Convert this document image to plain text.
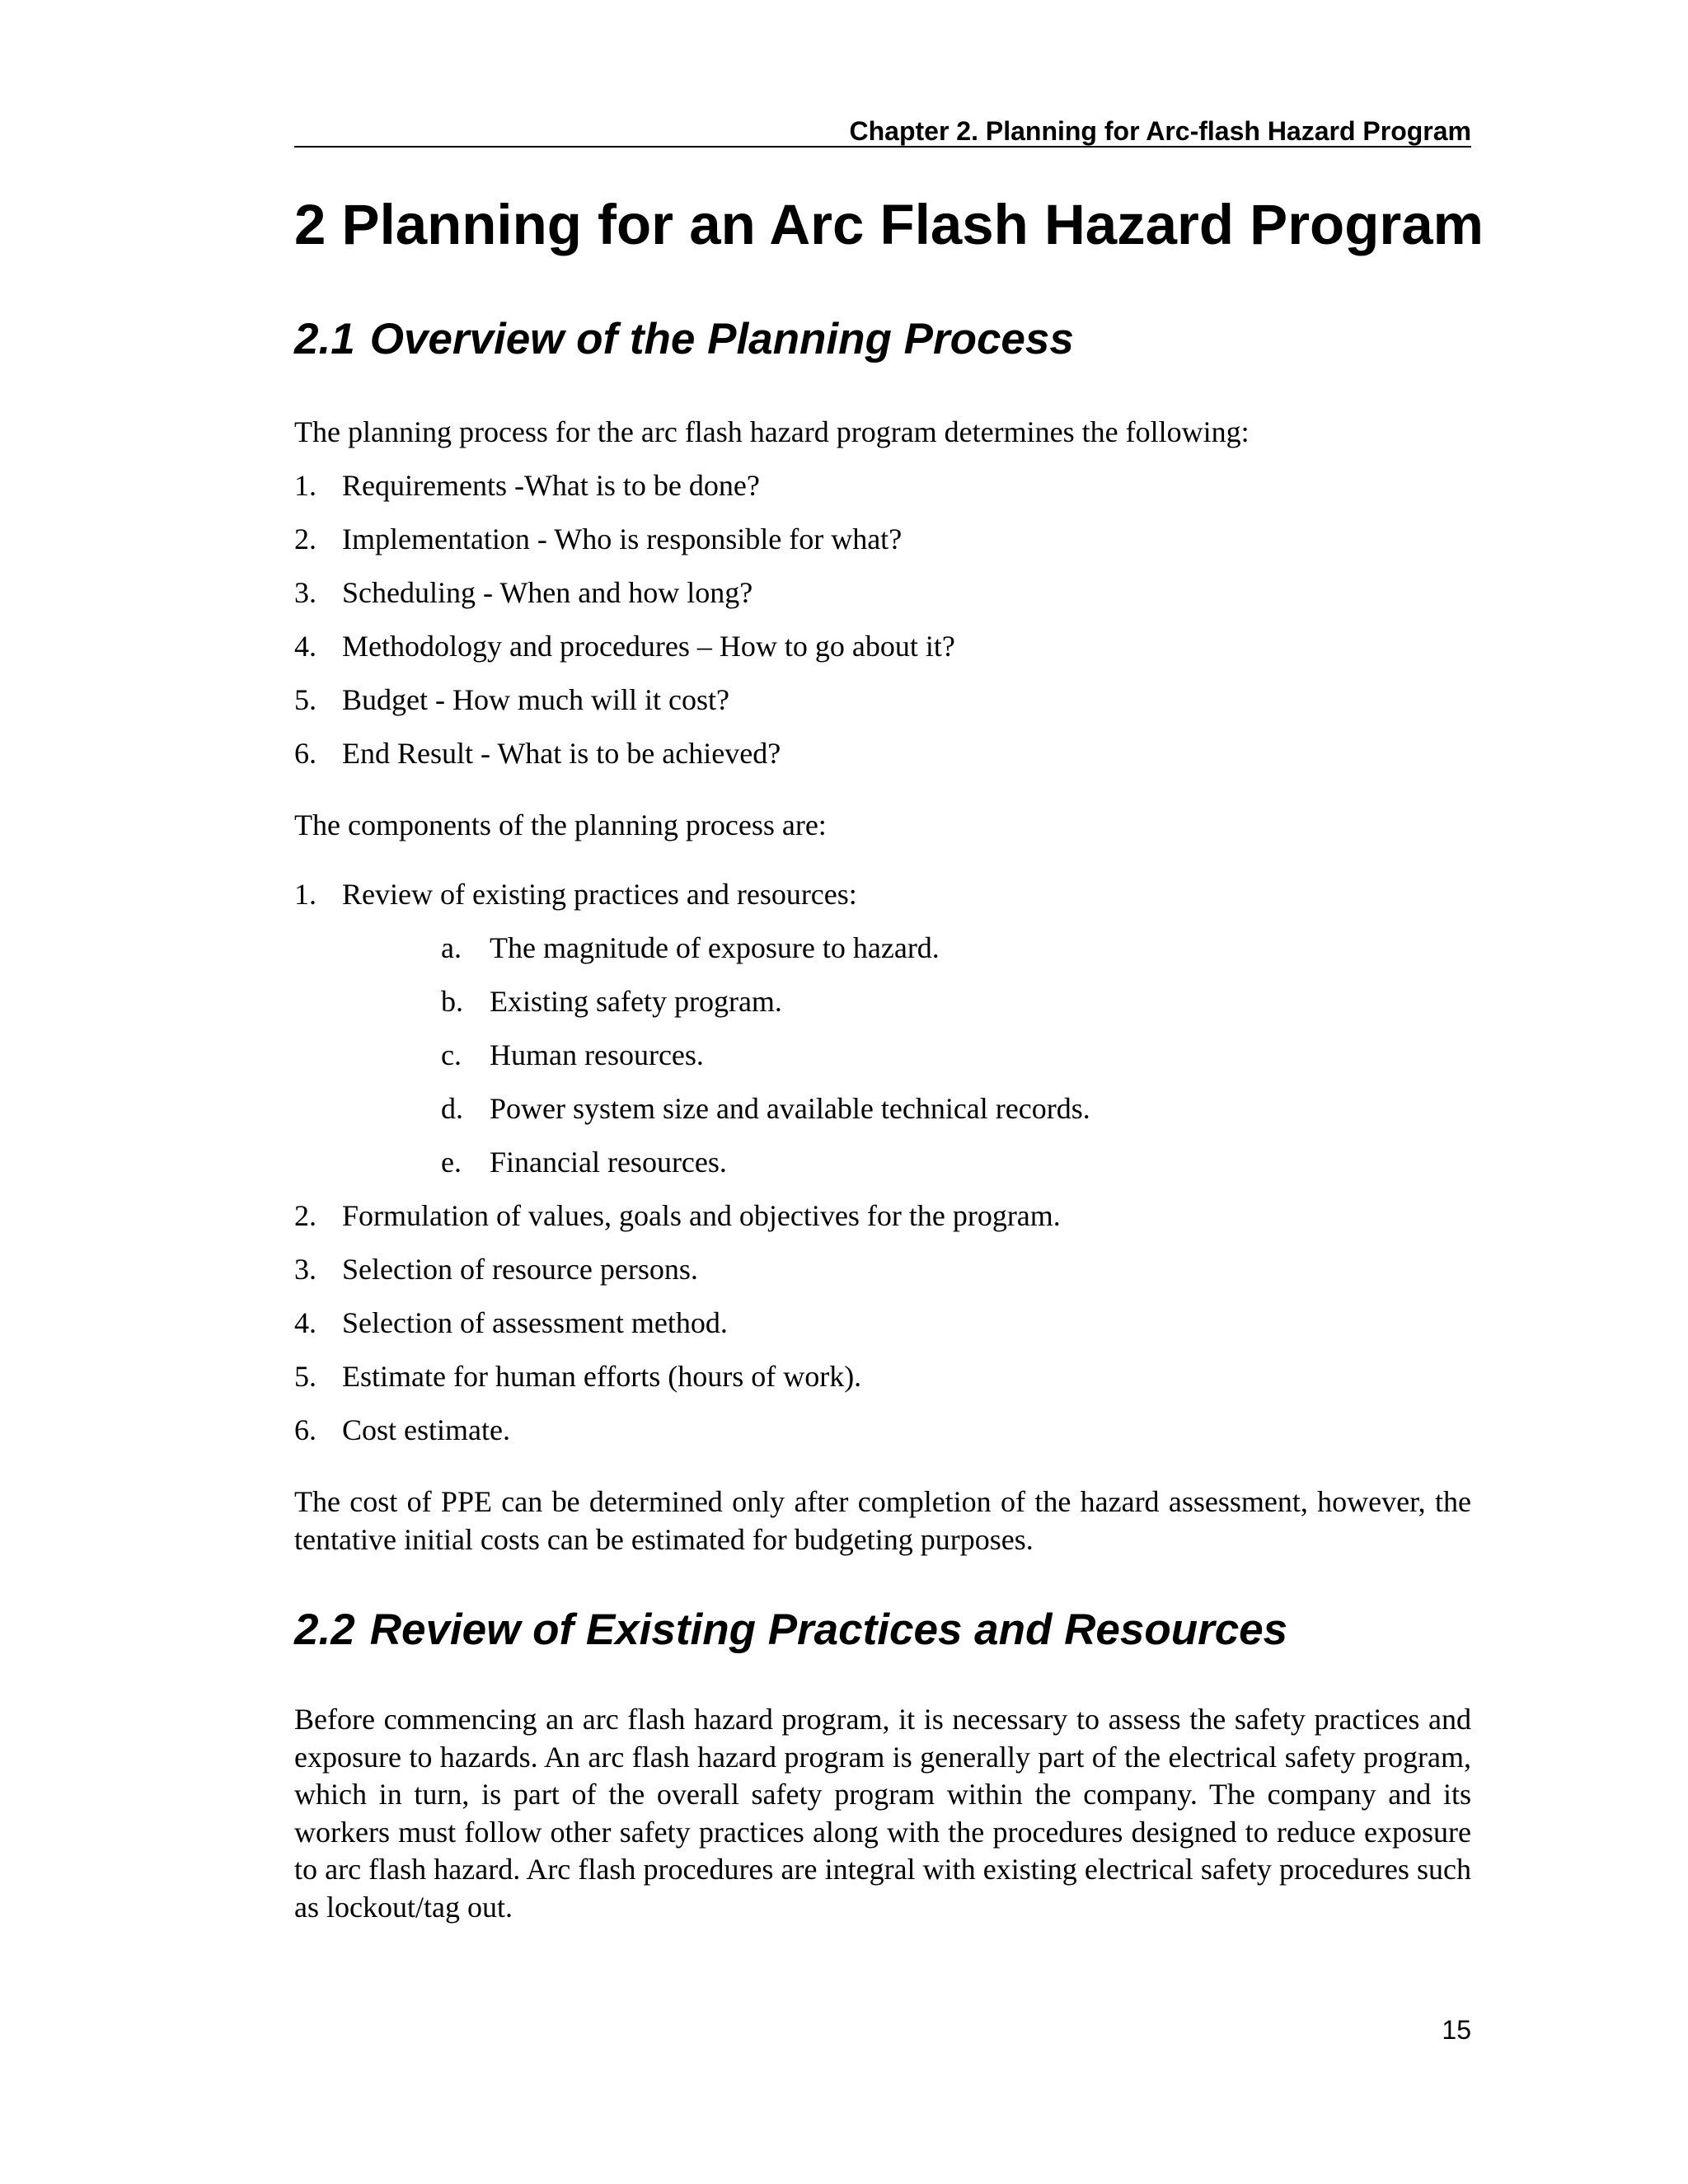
Chapter 2. Planning for Arc-flash Hazard Program
2 Planning for an Arc Flash Hazard Program
2.1 Overview of the Planning Process

The planning process for the arc flash hazard program determines the following:

1. Requirements -What is to be done?
2. Implementation - Who is responsible for what?
3. Scheduling - When and how long?
4. Methodology and procedures – How to go about it?
5. Budget - How much will it cost?
6. End Result - What is to be achieved?

The components of the planning process are:

1. Review of existing practices and resources:
a. The magnitude of exposure to hazard.
b. Existing safety program.
c. Human resources.
d. Power system size and available technical records.
e. Financial resources.
2. Formulation of values, goals and objectives for the program.
3. Selection of resource persons.
4. Selection of assessment method.
5. Estimate for human efforts (hours of work).
6. Cost estimate.

The cost of PPE can be determined only after completion of the hazard assessment, however, the tentative initial costs can be estimated for budgeting purposes.

2.2 Review of Existing Practices and Resources

Before commencing an arc flash hazard program, it is necessary to assess the safety practices and exposure to hazards. An arc flash hazard program is generally part of the electrical safety program, which in turn, is part of the overall safety program within the company. The company and its workers must follow other safety practices along with the procedures designed to reduce exposure to arc flash hazard. Arc flash procedures are integral with existing electrical safety procedures such as lockout/tag out.

15
